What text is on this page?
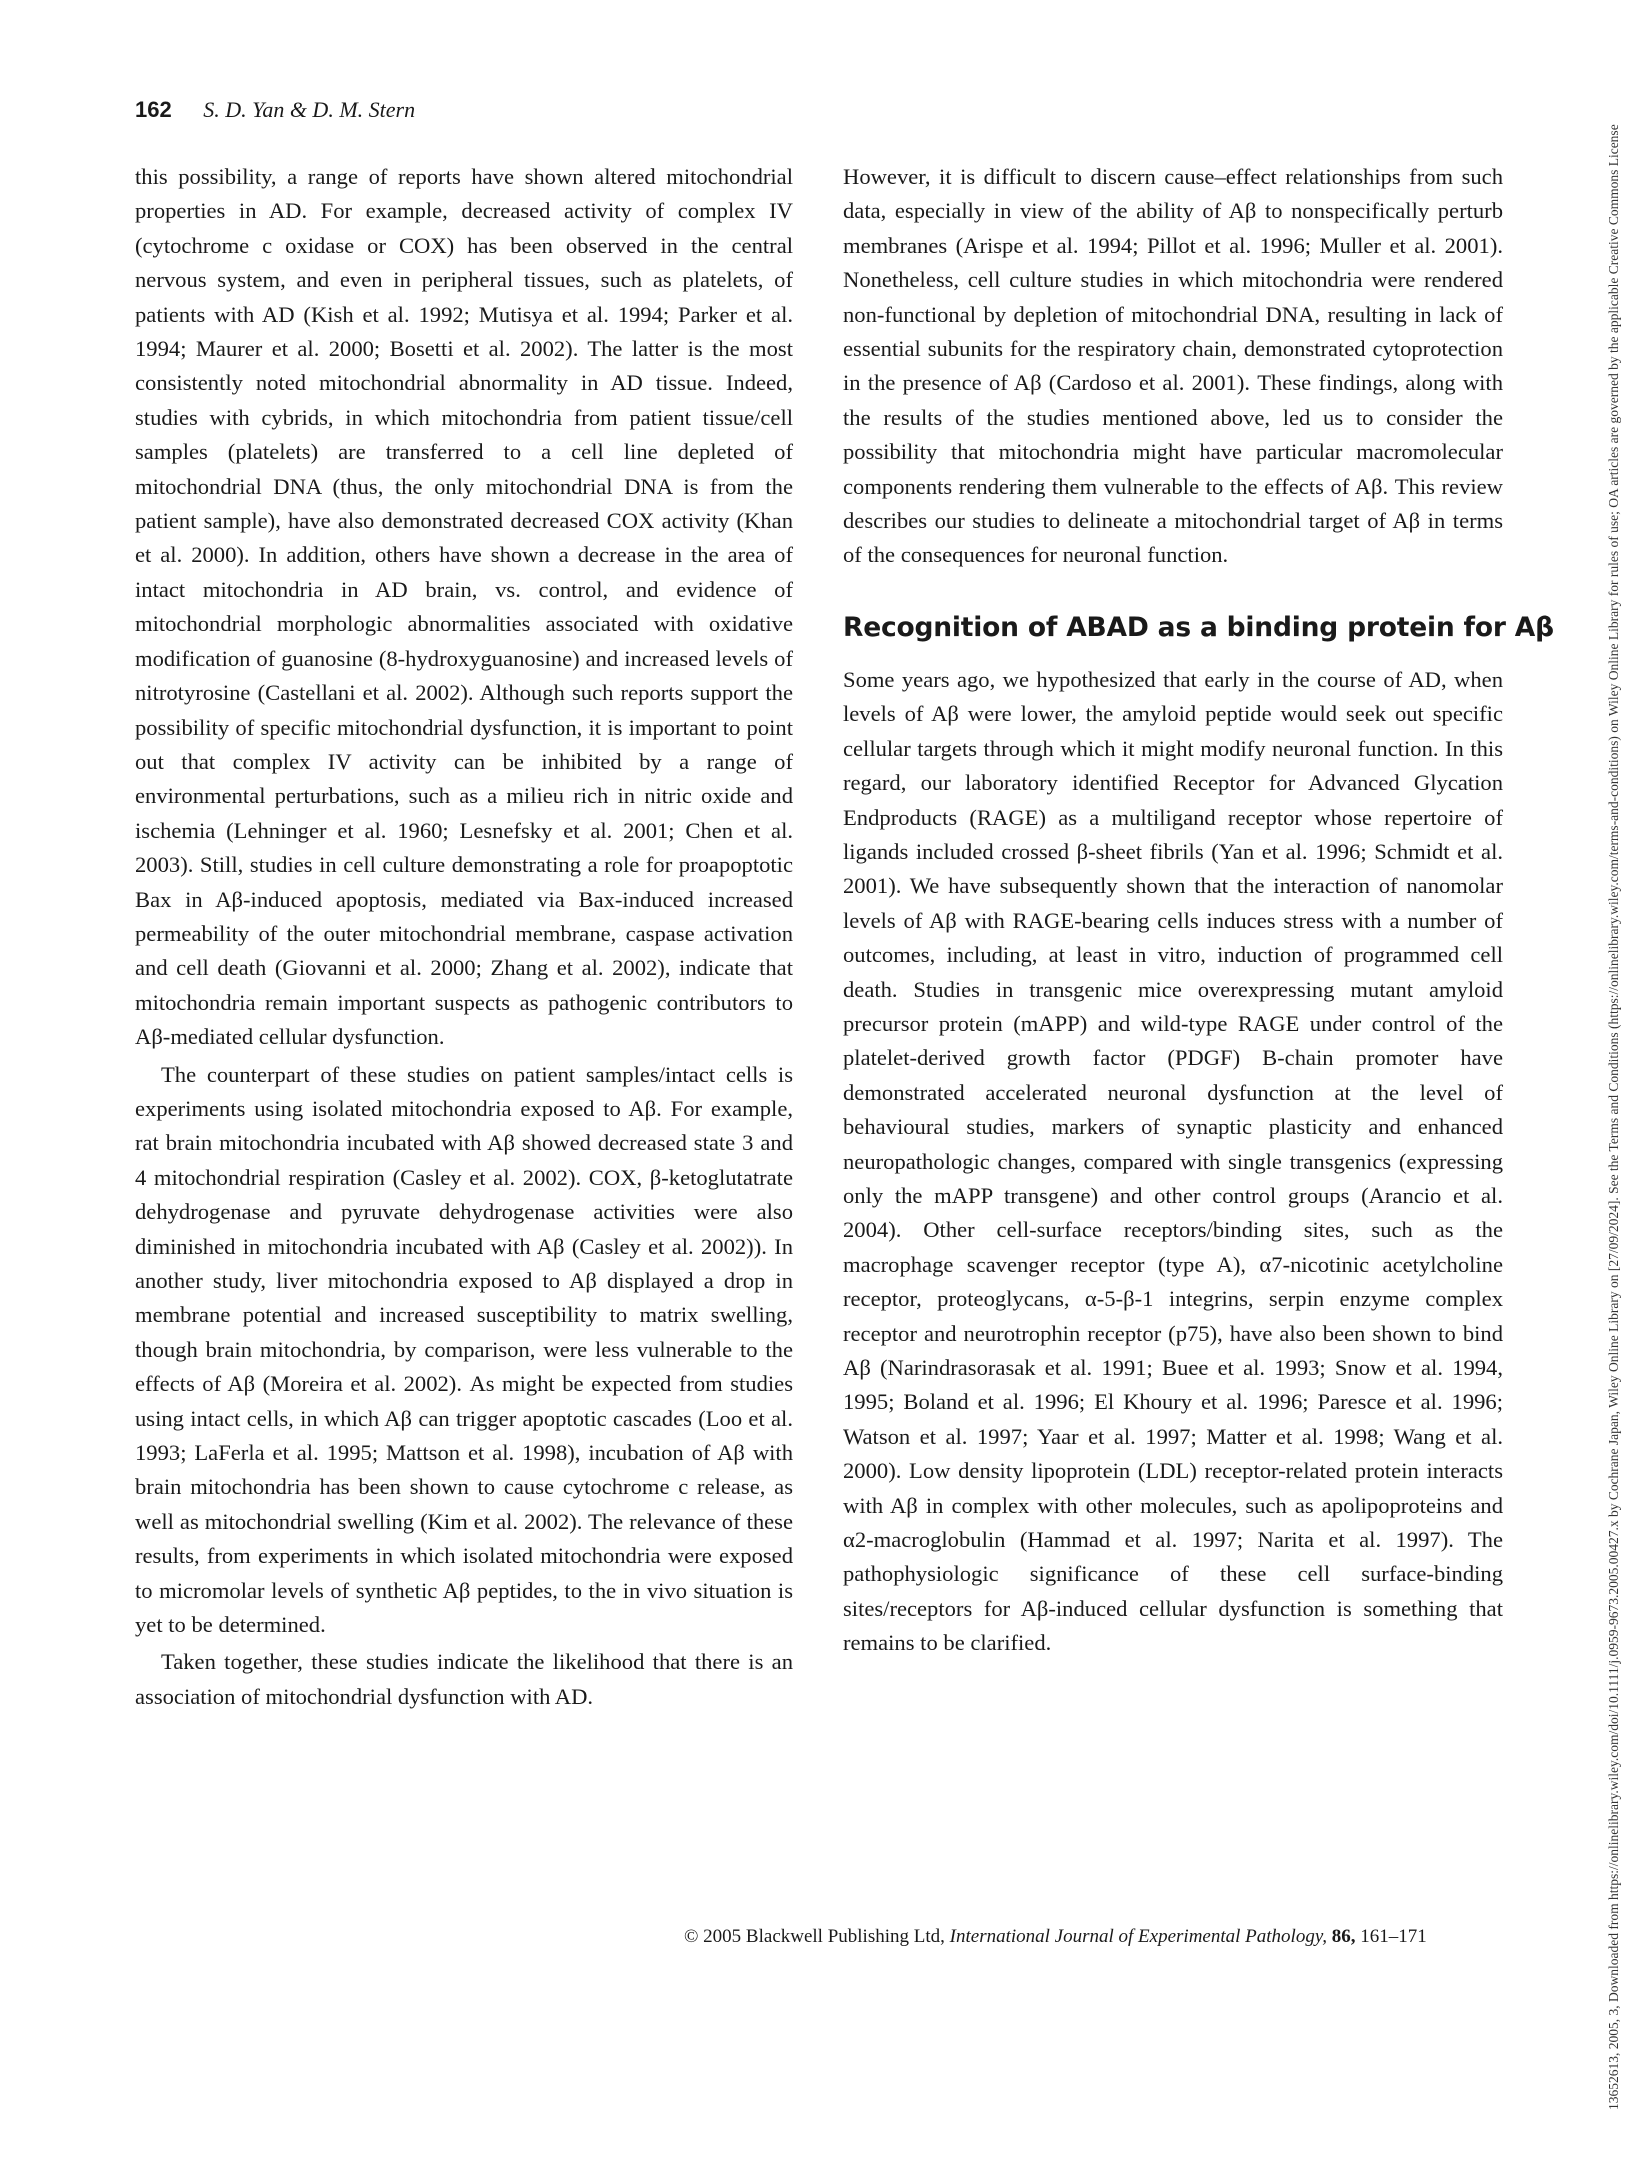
162 S. D. Yan & D. M. Stern

this possibility, a range of reports have shown altered mitochondrial properties in AD. For example, decreased activity of complex IV (cytochrome c oxidase or COX) has been observed in the central nervous system, and even in peripheral tissues, such as platelets, of patients with AD (Kish et al. 1992; Mutisya et al. 1994; Parker et al. 1994; Maurer et al. 2000; Bosetti et al. 2002). The latter is the most consistently noted mitochondrial abnormality in AD tissue. Indeed, studies with cybrids, in which mitochondria from patient tissue/cell samples (platelets) are transferred to a cell line depleted of mitochondrial DNA (thus, the only mitochondrial DNA is from the patient sample), have also demonstrated decreased COX activity (Khan et al. 2000). In addition, others have shown a decrease in the area of intact mitochondria in AD brain, vs. control, and evidence of mitochondrial morphologic abnormalities associated with oxidative modification of guanosine (8-hydroxyguanosine) and increased levels of nitrotyrosine (Castellani et al. 2002). Although such reports support the possibility of specific mitochondrial dysfunction, it is important to point out that complex IV activity can be inhibited by a range of environmental perturbations, such as a milieu rich in nitric oxide and ischemia (Lehninger et al. 1960; Lesnefsky et al. 2001; Chen et al. 2003). Still, studies in cell culture demonstrating a role for proapoptotic Bax in Aβ-induced apoptosis, mediated via Bax-induced increased permeability of the outer mitochondrial membrane, caspase activation and cell death (Giovanni et al. 2000; Zhang et al. 2002), indicate that mitochondria remain important suspects as pathogenic contributors to Aβ-mediated cellular dysfunction.

The counterpart of these studies on patient samples/intact cells is experiments using isolated mitochondria exposed to Aβ. For example, rat brain mitochondria incubated with Aβ showed decreased state 3 and 4 mitochondrial respiration (Casley et al. 2002). COX, β-ketoglutatrate dehydrogenase and pyruvate dehydrogenase activities were also diminished in mitochondria incubated with Aβ (Casley et al. 2002)). In another study, liver mitochondria exposed to Aβ displayed a drop in membrane potential and increased susceptibility to matrix swelling, though brain mitochondria, by comparison, were less vulnerable to the effects of Aβ (Moreira et al. 2002). As might be expected from studies using intact cells, in which Aβ can trigger apoptotic cascades (Loo et al. 1993; LaFerla et al. 1995; Mattson et al. 1998), incubation of Aβ with brain mitochondria has been shown to cause cytochrome c release, as well as mitochondrial swelling (Kim et al. 2002). The relevance of these results, from experiments in which isolated mitochondria were exposed to micromolar levels of synthetic Aβ peptides, to the in vivo situation is yet to be determined.

Taken together, these studies indicate the likelihood that there is an association of mitochondrial dysfunction with AD.

However, it is difficult to discern cause–effect relationships from such data, especially in view of the ability of Aβ to nonspecifically perturb membranes (Arispe et al. 1994; Pillot et al. 1996; Muller et al. 2001). Nonetheless, cell culture studies in which mitochondria were rendered non-functional by depletion of mitochondrial DNA, resulting in lack of essential subunits for the respiratory chain, demonstrated cytoprotection in the presence of Aβ (Cardoso et al. 2001). These findings, along with the results of the studies mentioned above, led us to consider the possibility that mitochondria might have particular macromolecular components rendering them vulnerable to the effects of Aβ. This review describes our studies to delineate a mitochondrial target of Aβ in terms of the consequences for neuronal function.

Recognition of ABAD as a binding protein for Aβ

Some years ago, we hypothesized that early in the course of AD, when levels of Aβ were lower, the amyloid peptide would seek out specific cellular targets through which it might modify neuronal function. In this regard, our laboratory identified Receptor for Advanced Glycation Endproducts (RAGE) as a multiligand receptor whose repertoire of ligands included crossed β-sheet fibrils (Yan et al. 1996; Schmidt et al. 2001). We have subsequently shown that the interaction of nanomolar levels of Aβ with RAGE-bearing cells induces stress with a number of outcomes, including, at least in vitro, induction of programmed cell death. Studies in transgenic mice overexpressing mutant amyloid precursor protein (mAPP) and wild-type RAGE under control of the platelet-derived growth factor (PDGF) B-chain promoter have demonstrated accelerated neuronal dysfunction at the level of behavioural studies, markers of synaptic plasticity and enhanced neuropathologic changes, compared with single transgenics (expressing only the mAPP transgene) and other control groups (Arancio et al. 2004). Other cell-surface receptors/binding sites, such as the macrophage scavenger receptor (type A), α7-nicotinic acetylcholine receptor, proteoglycans, α-5-β-1 integrins, serpin enzyme complex receptor and neurotrophin receptor (p75), have also been shown to bind Aβ (Narindrasorasak et al. 1991; Buee et al. 1993; Snow et al. 1994, 1995; Boland et al. 1996; El Khoury et al. 1996; Paresce et al. 1996; Watson et al. 1997; Yaar et al. 1997; Matter et al. 1998; Wang et al. 2000). Low density lipoprotein (LDL) receptor-related protein interacts with Aβ in complex with other molecules, such as apolipoproteins and α2-macroglobulin (Hammad et al. 1997; Narita et al. 1997). The pathophysiologic significance of these cell surface-binding sites/receptors for Aβ-induced cellular dysfunction is something that remains to be clarified.

© 2005 Blackwell Publishing Ltd, International Journal of Experimental Pathology, 86, 161–171	13652613, 2005, 3, Downloaded from https://onlinelibrary.wiley.com/doi/10.1111/j.0959-9673.2005.00427.x by Cochrane Japan, Wiley Online Library on [27/09/2024]. See the Terms and Conditions (https://onlinelibrary.wiley.com/terms-and-conditions) on Wiley Online Library for rules of use; OA articles are governed by the applicable Creative Commons License
